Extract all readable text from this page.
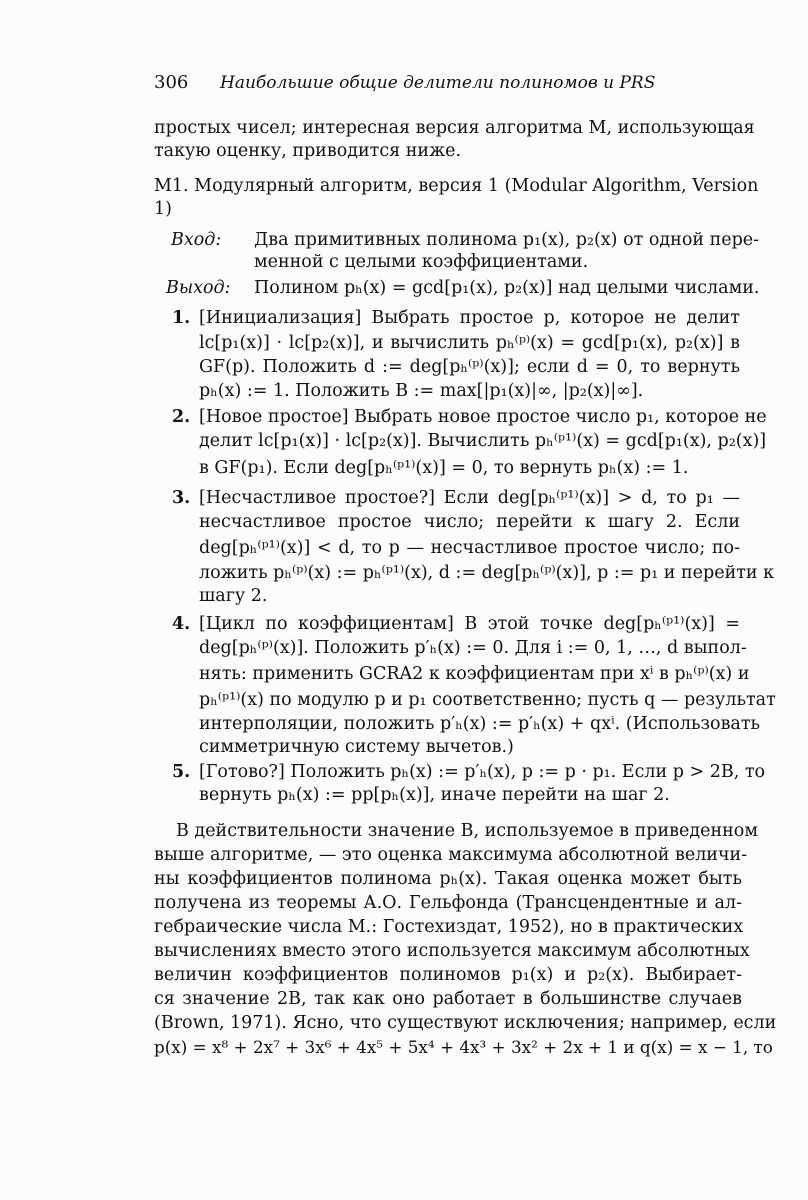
306 Наибольшие общие делители полиномов и PRS
простых чисел; интересная версия алгоритма M, использующая
такую оценку, приводится ниже.
M1. Модулярный алгоритм, версия 1 (Modular Algorithm, Version
1)
Вход: Два примитивных полинома p₁(x), p₂(x) от одной пере-
менной с целыми коэффициентами.
Выход: Полином pₕ(x) = gcd[p₁(x), p₂(x)] над целыми числами.
1. [Инициализация] Выбрать простое p, которое не делит
lc[p₁(x)] · lc[p₂(x)], и вычислить pₕ⁽ᵖ⁾(x) = gcd[p₁(x), p₂(x)] в
GF(p). Положить d := deg[pₕ⁽ᵖ⁾(x)]; если d = 0, то вернуть
pₕ(x) := 1. Положить B := max[|p₁(x)|∞, |p₂(x)|∞].
2. [Новое простое] Выбрать новое простое число p₁, которое не
делит lc[p₁(x)] · lc[p₂(x)]. Вычислить pₕ⁽ᵖ¹⁾(x) = gcd[p₁(x), p₂(x)]
в GF(p₁). Если deg[pₕ⁽ᵖ¹⁾(x)] = 0, то вернуть pₕ(x) := 1.
3. [Несчастливое простое?] Если deg[pₕ⁽ᵖ¹⁾(x)] > d, то p₁ —
несчастливое простое число; перейти к шагу 2. Если
deg[pₕ⁽ᵖ¹⁾(x)] < d, то p — несчастливое простое число; по-
ложить pₕ⁽ᵖ⁾(x) := pₕ⁽ᵖ¹⁾(x), d := deg[pₕ⁽ᵖ⁾(x)], p := p₁ и перейти к
шагу 2.
4. [Цикл по коэффициентам] В этой точке deg[pₕ⁽ᵖ¹⁾(x)] =
deg[pₕ⁽ᵖ⁾(x)]. Положить p′ₕ(x) := 0. Для i := 0, 1, …, d выпол-
нять: применить GCRA2 к коэффициентам при xⁱ в pₕ⁽ᵖ⁾(x) и
pₕ⁽ᵖ¹⁾(x) по модулю p и p₁ соответственно; пусть q — результат
интерполяции, положить p′ₕ(x) := p′ₕ(x) + qxⁱ. (Использовать
симметричную систему вычетов.)
5. [Готово?] Положить pₕ(x) := p′ₕ(x), p := p · p₁. Если p > 2B, то
вернуть pₕ(x) := pp[pₕ(x)], иначе перейти на шаг 2.
В действительности значение B, используемое в приведенном
выше алгоритме, — это оценка максимума абсолютной величи-
ны коэффициентов полинома pₕ(x). Такая оценка может быть
получена из теоремы А.О. Гельфонда (Трансцендентные и ал-
гебраические числа М.: Гостехиздат, 1952), но в практических
вычислениях вместо этого используется максимум абсолютных
величин коэффициентов полиномов p₁(x) и p₂(x). Выбирает-
ся значение 2B, так как оно работает в большинстве случаев
(Brown, 1971). Ясно, что существуют исключения; например, если
p(x) = x⁸ + 2x⁷ + 3x⁶ + 4x⁵ + 5x⁴ + 4x³ + 3x² + 2x + 1 и q(x) = x − 1, то
